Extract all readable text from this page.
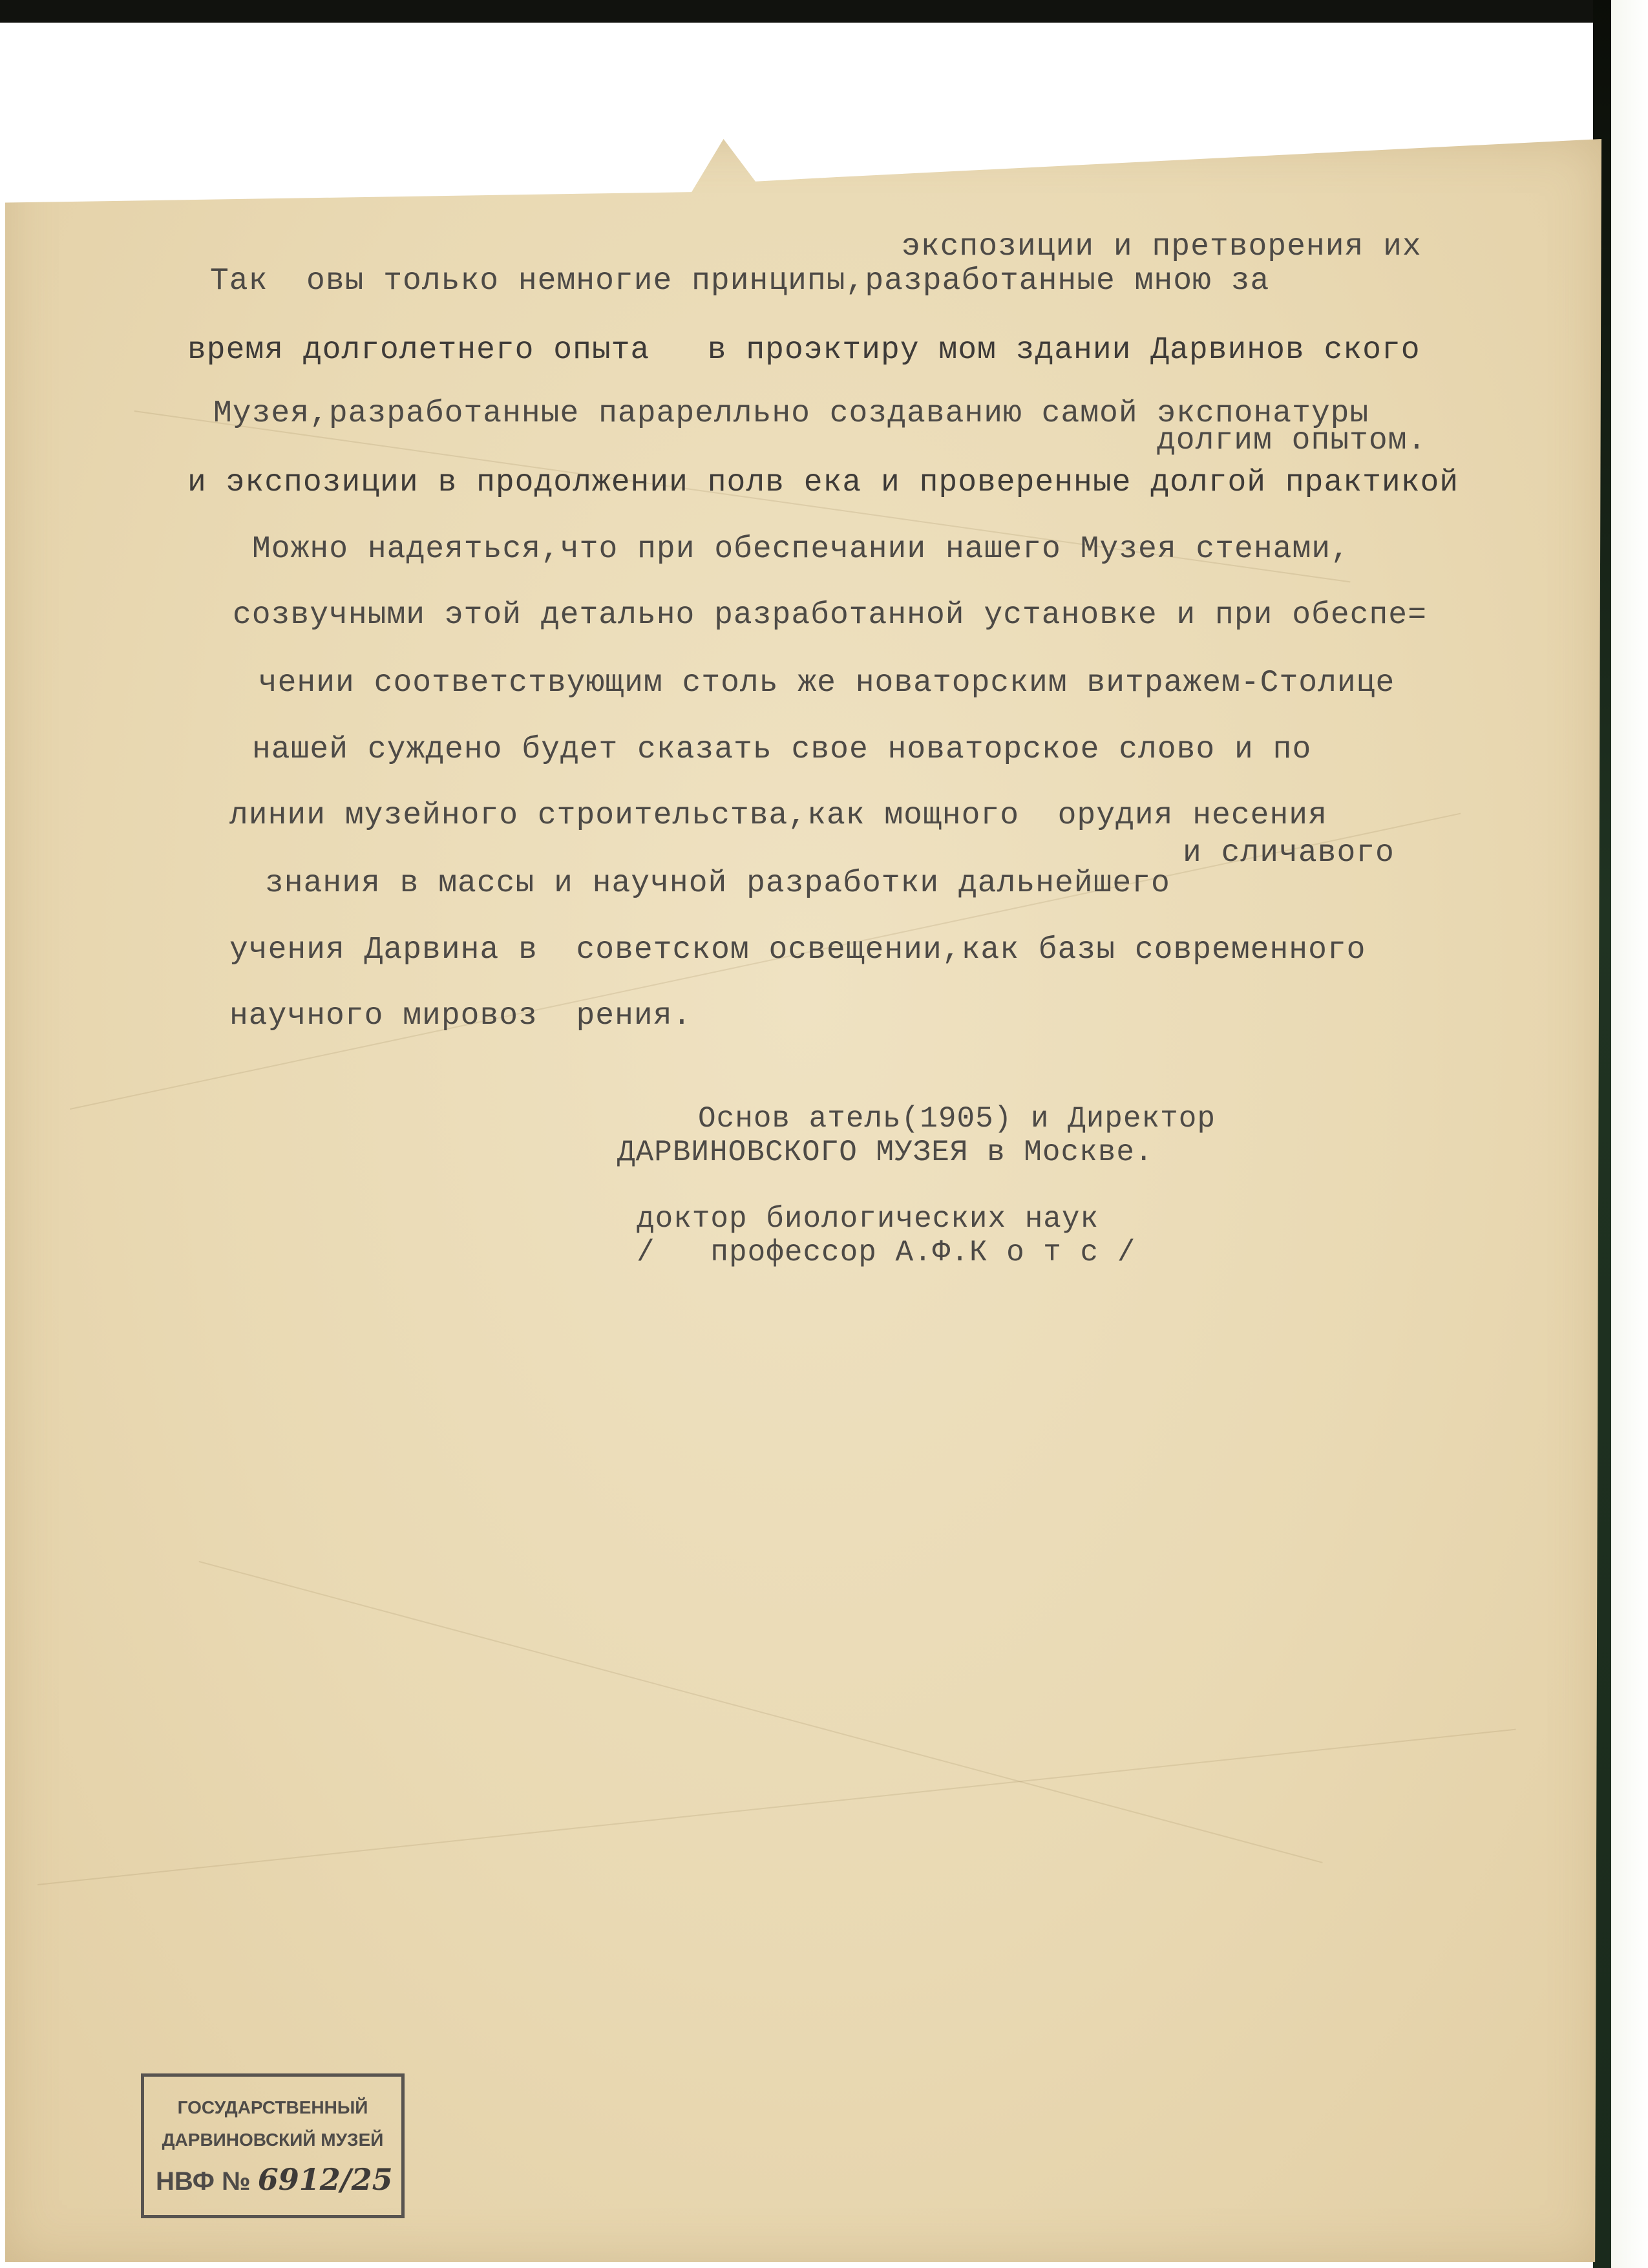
экспозиции и претворения их
Так  овы только немногие принципы,разработанные мною за
время долголетнего опыта   в проэктиру мом здании Дарвинов ского
Музея,разработанные парарелльно создаванию самой экспонатуры
долгим опытом.
и экспозиции в продолжении полв ека и проверенные долгой практикой
Можно надеяться,что при обеспечании нашего Музея стенами,
созвучными этой детально разработанной установке и при обеспе=
чении соответствующим столь же новаторским витражем-Столице
нашей суждено будет сказать свое новаторское слово и по
линии музейного строительства,как мощного  орудия несения
и сличавого
знания в массы и научной разработки дальнейшего
учения Дарвина в  советском освещении,как базы современного
научного мировоз  рения.
Основ атель(1905) и Директор
ДАРВИНОВСКОГО МУЗЕЯ в Москве.
доктор биологических наук
/   профессор А.Ф.К о т с /
ГОСУДАРСТВЕННЫЙ
ДАРВИНОВСКИЙ МУЗЕЙ
НВФ № 6912/25
